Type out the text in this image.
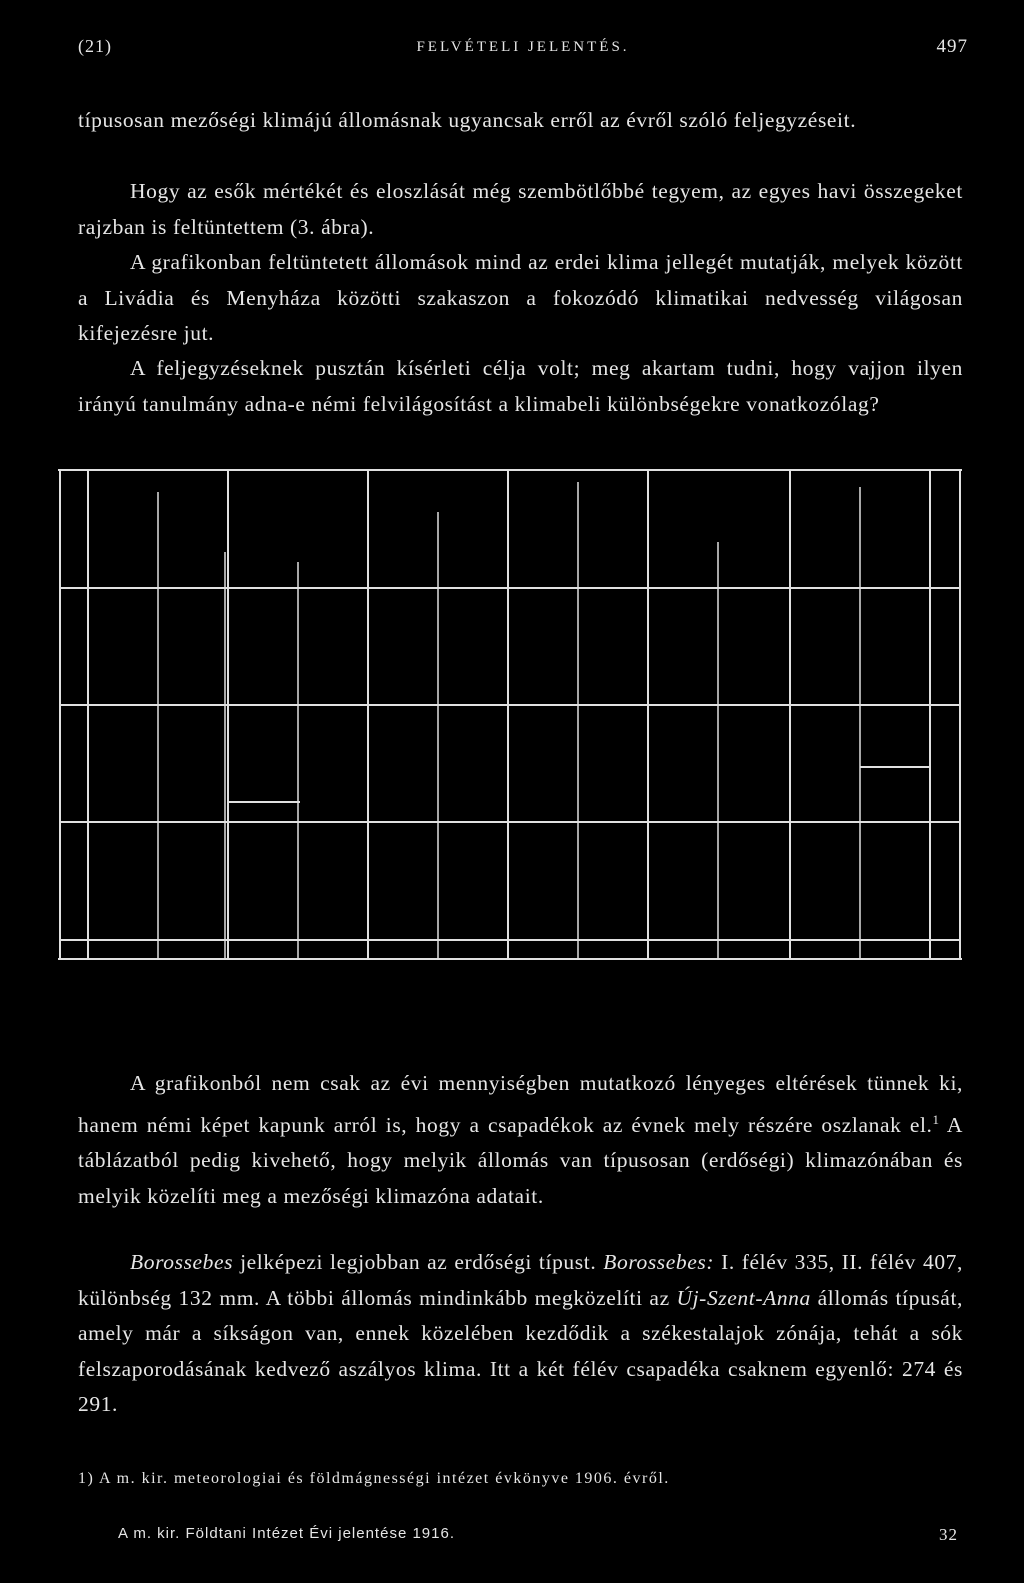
(21)	FELVÉTELI JELENTÉS.	497

típusosan mezőségi klimájú állomásnak ugyancsak erről az évről szóló feljegyzéseit.

Hogy az esők mértékét és eloszlását még szembötlőbbé tegyem, az egyes havi összegeket rajzban is feltüntettem (3. ábra).

A grafikonban feltüntetett állomások mind az erdei klima jellegét mutatják, melyek között a Livádia és Menyháza közötti szakaszon a fokozódó klimatikai nedvesség világosan kifejezésre jut.

A feljegyzéseknek pusztán kísérleti célja volt; meg akartam tudni, hogy vajjon ilyen irányú tanulmány adna-e némi felvilágosítást a klimabeli különbségekre vonatkozólag?

A grafikonból nem csak az évi mennyiségben mutatkozó lényeges eltérések tünnek ki, hanem némi képet kapunk arról is, hogy a csapadékok az évnek mely részére oszlanak el.$^1$ A táblázatból pedig kivehető, hogy melyik állomás van típusosan (erdőségi) klimazónában és melyik közelíti meg a mezőségi klimazóna adatait.

Borossebes jelképezi legjobban az erdőségi típust. Borossebes: I. félév 335, II. félév 407, különbség 132 mm. A többi állomás mindinkább megközelíti az Új-Szent-Anna állomás típusát, amely már a síkságon van, ennek közelében kezdődik a székestalajok zónája, tehát a sók felszaporodásának kedvező aszályos klima. Itt a két félév csapadéka csaknem egyenlő: 274 és 291.

1) A m. kir. meteorologiai és földmágnességi intézet évkönyve 1906. évről.
A m. kir. Földtani Intézet Évi jelentése 1916.	32
